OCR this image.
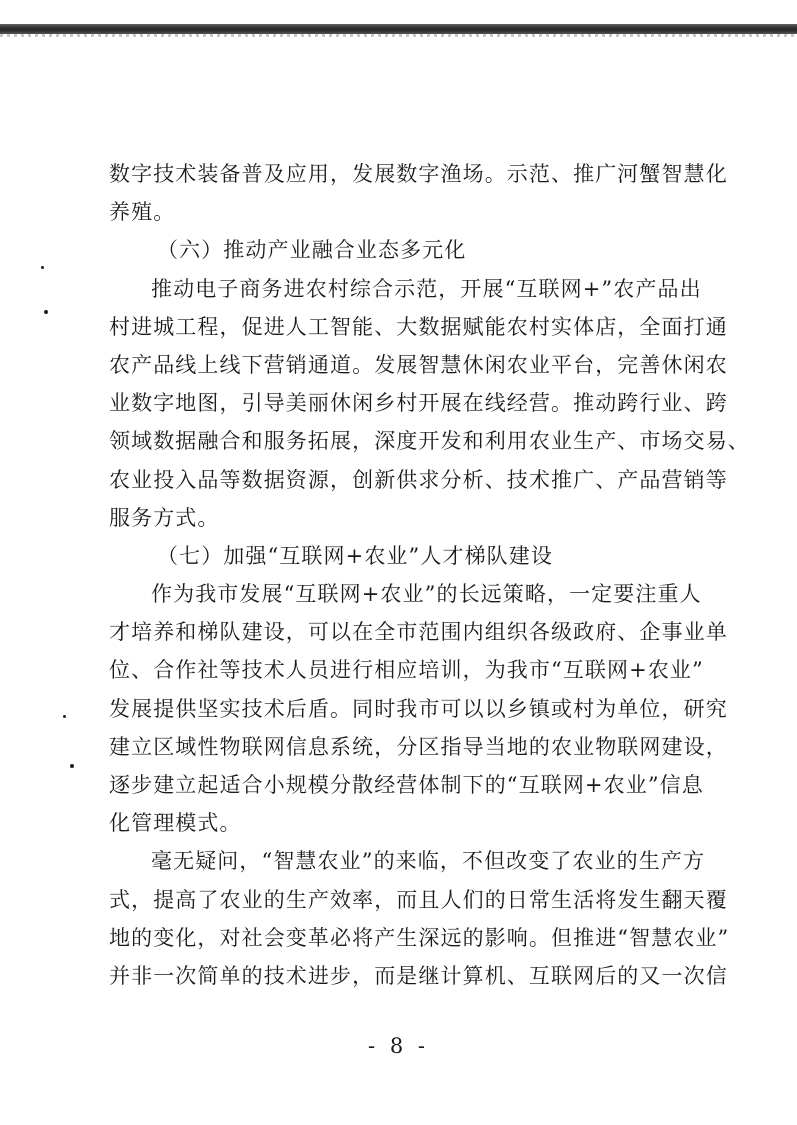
数字技术装备普及应用，发展数字渔场。示范、推广河蟹智慧化
养殖。
（六）推动产业融合业态多元化
推动电子商务进农村综合示范，开展“互联网+”农产品出
村进城工程，促进人工智能、大数据赋能农村实体店，全面打通
农产品线上线下营销通道。发展智慧休闲农业平台，完善休闲农
业数字地图，引导美丽休闲乡村开展在线经营。推动跨行业、跨
领域数据融合和服务拓展，深度开发和利用农业生产、市场交易、
农业投入品等数据资源，创新供求分析、技术推广、产品营销等
服务方式。
（七）加强“互联网+农业”人才梯队建设
作为我市发展“互联网+农业”的长远策略，一定要注重人
才培养和梯队建设，可以在全市范围内组织各级政府、企事业单
位、合作社等技术人员进行相应培训，为我市“互联网+农业”
发展提供坚实技术后盾。同时我市可以以乡镇或村为单位，研究
建立区域性物联网信息系统，分区指导当地的农业物联网建设，
逐步建立起适合小规模分散经营体制下的“互联网+农业”信息
化管理模式。
毫无疑问，“智慧农业”的来临，不但改变了农业的生产方
式，提高了农业的生产效率，而且人们的日常生活将发生翻天覆
地的变化，对社会变革必将产生深远的影响。但推进“智慧农业”
并非一次简单的技术进步，而是继计算机、互联网后的又一次信
- 8 -
